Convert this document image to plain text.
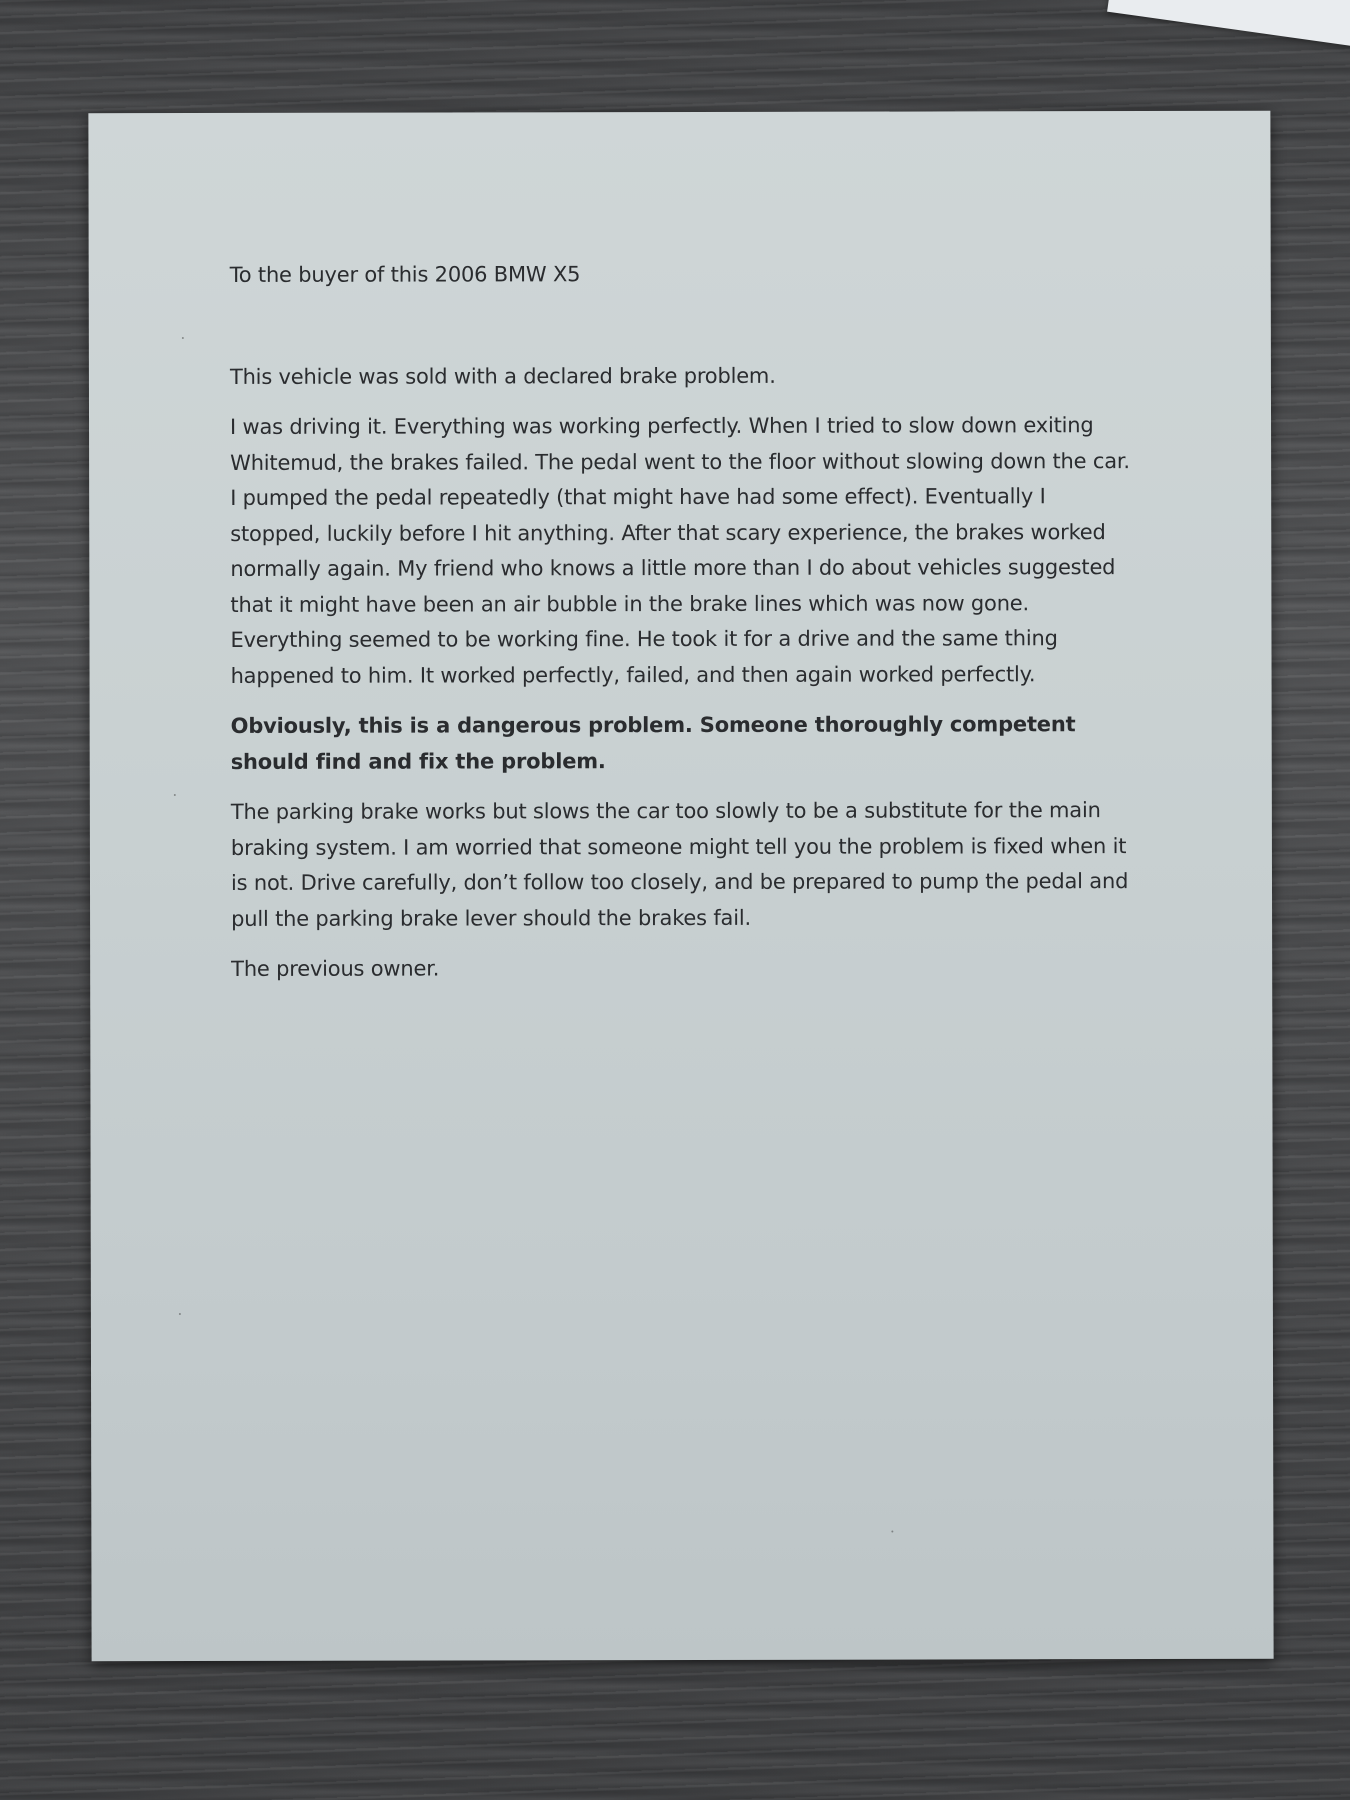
To the buyer of this 2006 BMW X5

This vehicle was sold with a declared brake problem.

I was driving it. Everything was working perfectly. When I tried to slow down exiting Whitemud, the brakes failed. The pedal went to the floor without slowing down the car. I pumped the pedal repeatedly (that might have had some effect). Eventually I stopped, luckily before I hit anything. After that scary experience, the brakes worked normally again. My friend who knows a little more than I do about vehicles suggested that it might have been an air bubble in the brake lines which was now gone. Everything seemed to be working fine. He took it for a drive and the same thing happened to him. It worked perfectly, failed, and then again worked perfectly.

Obviously, this is a dangerous problem. Someone thoroughly competent should find and fix the problem.

The parking brake works but slows the car too slowly to be a substitute for the main braking system. I am worried that someone might tell you the problem is fixed when it is not. Drive carefully, don’t follow too closely, and be prepared to pump the pedal and pull the parking brake lever should the brakes fail.

The previous owner.
